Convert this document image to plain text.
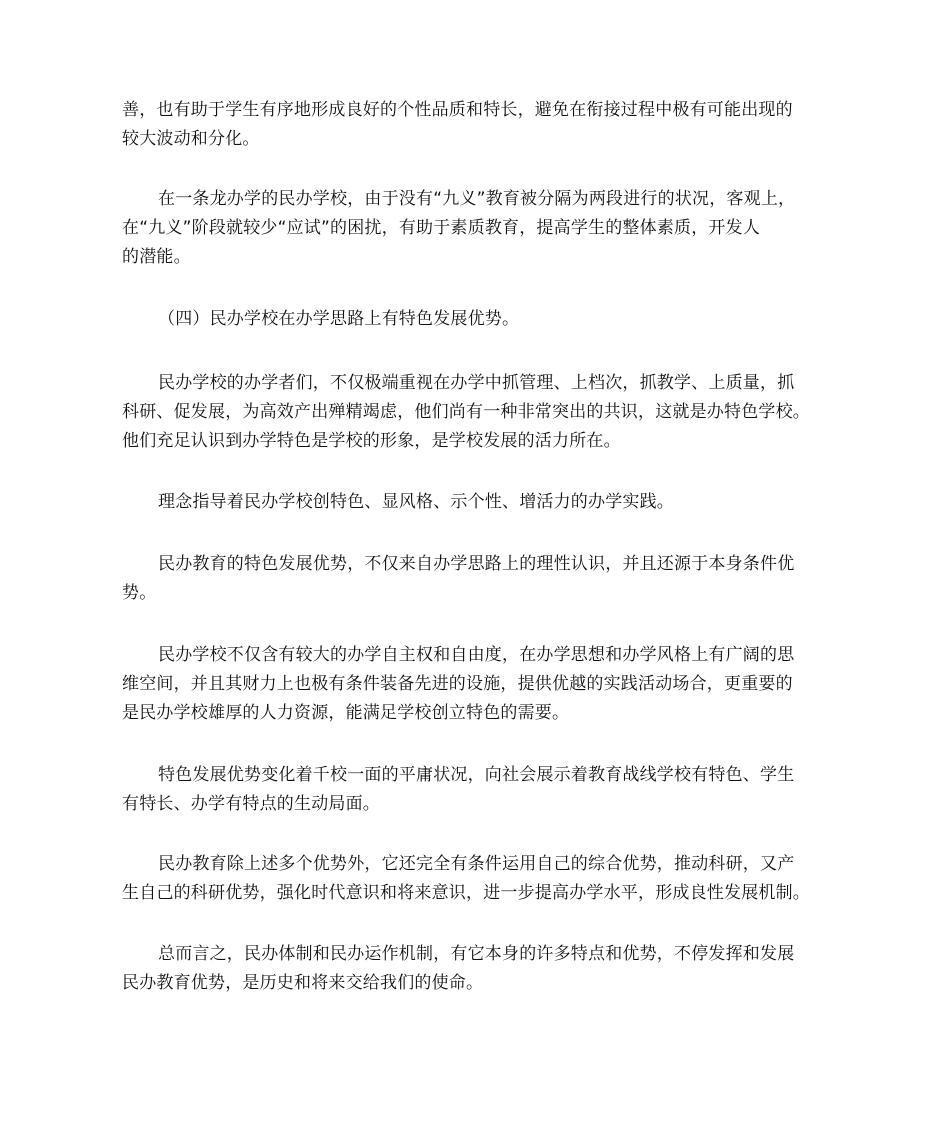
善，也有助于学生有序地形成良好的个性品质和特长，避免在衔接过程中极有可能出现的
较大波动和分化。

在一条龙办学的民办学校，由于没有“九义”教育被分隔为两段进行的状况，客观上，
在“九义”阶段就较少“应试”的困扰，有助于素质教育，提高学生的整体素质，开发人
的潜能。

（四）民办学校在办学思路上有特色发展优势。

民办学校的办学者们，不仅极端重视在办学中抓管理、上档次，抓教学、上质量，抓
科研、促发展，为高效产出殚精竭虑，他们尚有一种非常突出的共识，这就是办特色学校。
他们充足认识到办学特色是学校的形象，是学校发展的活力所在。

理念指导着民办学校创特色、显风格、示个性、增活力的办学实践。

民办教育的特色发展优势，不仅来自办学思路上的理性认识，并且还源于本身条件优
势。

民办学校不仅含有较大的办学自主权和自由度，在办学思想和办学风格上有广阔的思
维空间，并且其财力上也极有条件装备先进的设施，提供优越的实践活动场合，更重要的
是民办学校雄厚的人力资源，能满足学校创立特色的需要。

特色发展优势变化着千校一面的平庸状况，向社会展示着教育战线学校有特色、学生
有特长、办学有特点的生动局面。

民办教育除上述多个优势外，它还完全有条件运用自己的综合优势，推动科研，又产
生自己的科研优势，强化时代意识和将来意识，进一步提高办学水平，形成良性发展机制。

总而言之，民办体制和民办运作机制，有它本身的许多特点和优势，不停发挥和发展
民办教育优势，是历史和将来交给我们的使命。
